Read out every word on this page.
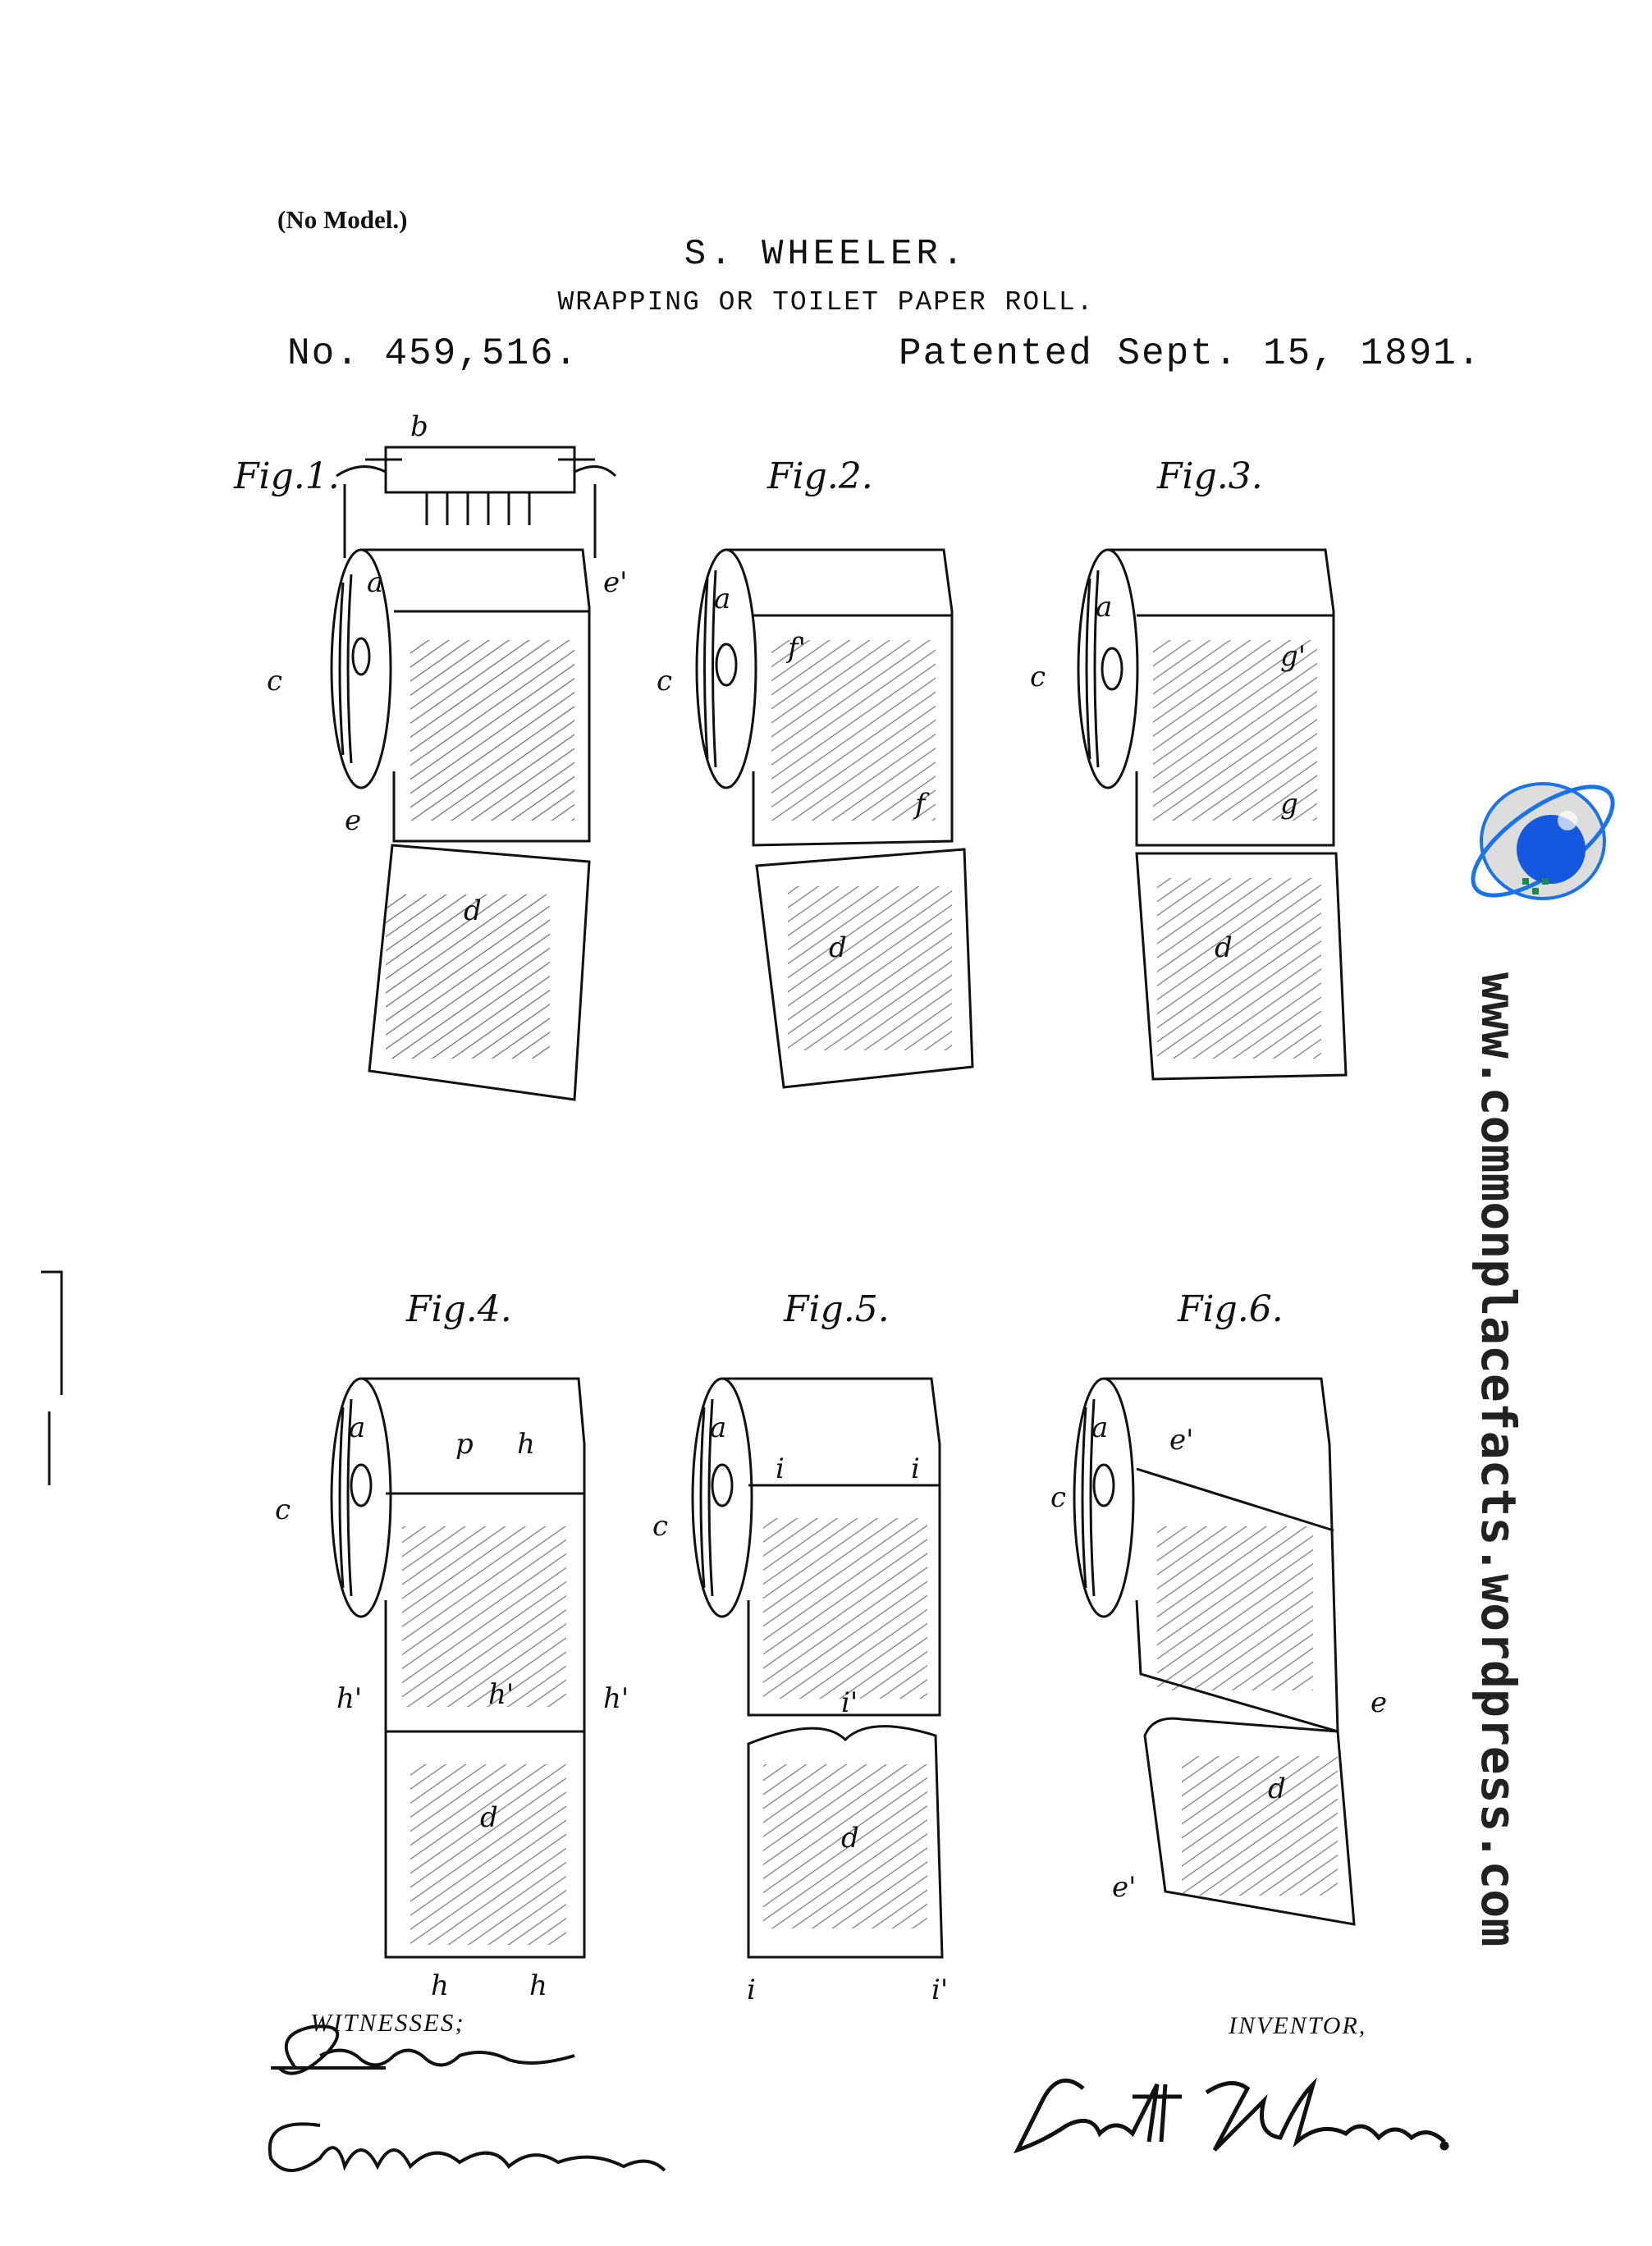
(No Model.)
S. WHEELER.
WRAPPING OR TOILET PAPER ROLL.
No. 459,516.	Patented Sept. 15, 1891.
Fig.1.	Fig.2.	Fig.3.
Fig.4.	Fig.5.	Fig.6.
b
a	e'
c
e
d
a
c
f'
f
d
a
c
g'
g
d
a	p h
c
h'	h'	h'
d
h	h
a
i	i
c
i'
d
i	i'
a e'
c
e
d
e'
WITNESSES;	INVENTOR,
www.commonplacefacts.wordpress.com
